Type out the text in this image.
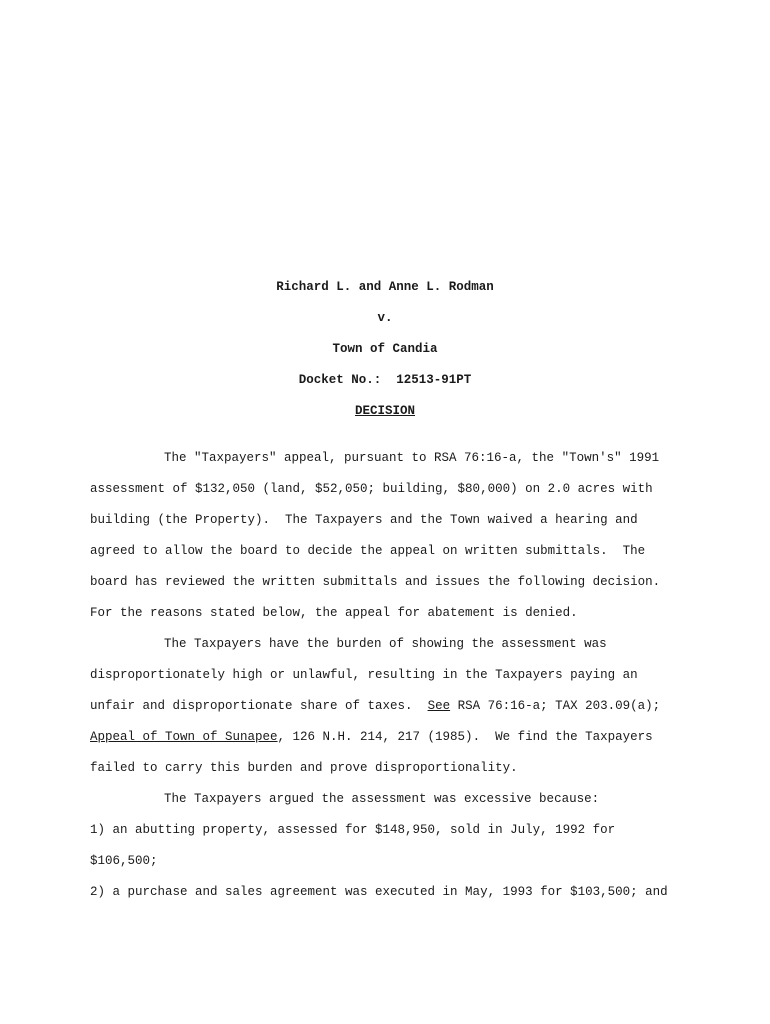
Richard L. and Anne L. Rodman
v.
Town of Candia
Docket No.:  12513-91PT
DECISION
The "Taxpayers" appeal, pursuant to RSA 76:16-a, the "Town's" 1991
assessment of $132,050 (land, $52,050; building, $80,000) on 2.0 acres with
building (the Property).  The Taxpayers and the Town waived a hearing and
agreed to allow the board to decide the appeal on written submittals.  The
board has reviewed the written submittals and issues the following decision.
For the reasons stated below, the appeal for abatement is denied.
The Taxpayers have the burden of showing the assessment was
disproportionately high or unlawful, resulting in the Taxpayers paying an
unfair and disproportionate share of taxes.  See RSA 76:16-a; TAX 203.09(a);
Appeal of Town of Sunapee, 126 N.H. 214, 217 (1985).  We find the Taxpayers
failed to carry this burden and prove disproportionality.
The Taxpayers argued the assessment was excessive because:
1) an abutting property, assessed for $148,950, sold in July, 1992 for
$106,500;
2) a purchase and sales agreement was executed in May, 1993 for $103,500; and
